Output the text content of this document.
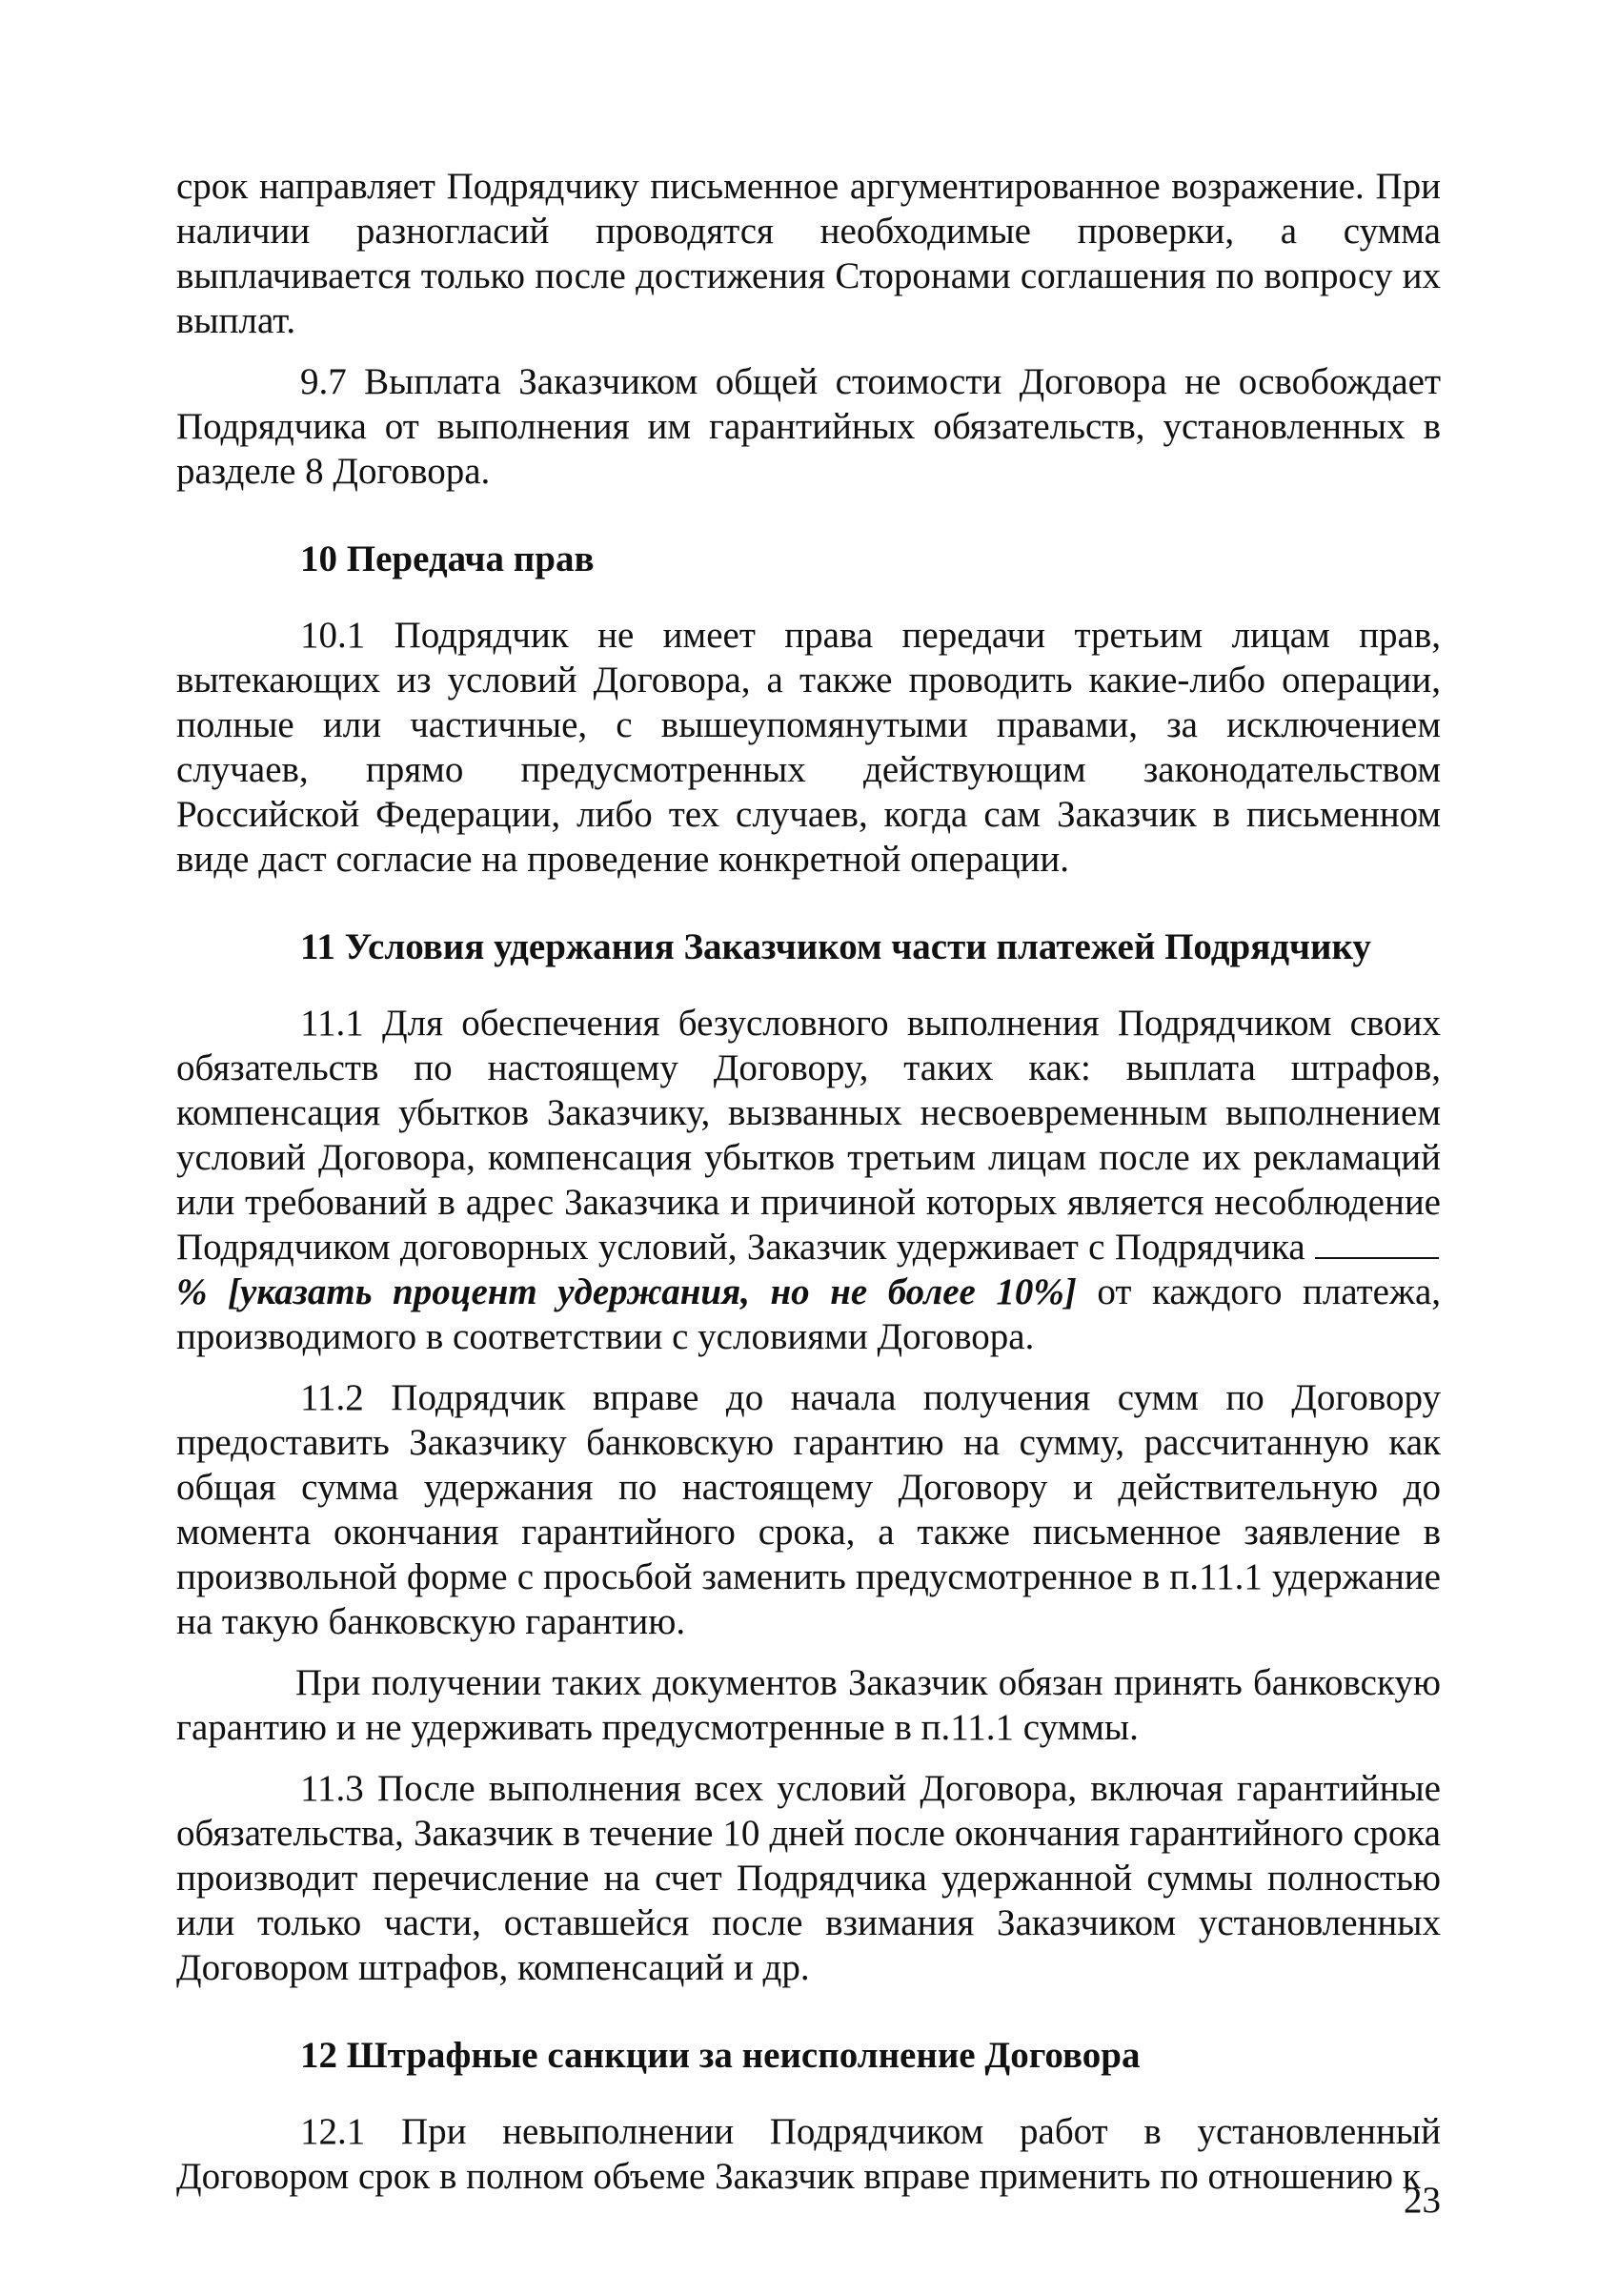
срок направляет Подрядчику письменное аргументированное возражение. При наличии разногласий проводятся необходимые проверки, а сумма выплачивается только после достижения Сторонами соглашения по вопросу их выплат.

9.7 Выплата Заказчиком общей стоимости Договора не освобождает Подрядчика от выполнения им гарантийных обязательств, установленных в разделе 8 Договора.

10 Передача прав

10.1 Подрядчик не имеет права передачи третьим лицам прав, вытекающих из условий Договора, а также проводить какие-либо операции, полные или частичные, с вышеупомянутыми правами, за исключением случаев, прямо предусмотренных действующим законодательством Российской Федерации, либо тех случаев, когда сам Заказчик в письменном виде даст согласие на проведение конкретной операции.

11 Условия удержания Заказчиком части платежей Подрядчику

11.1 Для обеспечения безусловного выполнения Подрядчиком своих обязательств по настоящему Договору, таких как: выплата штрафов, компенсация убытков Заказчику, вызванных несвоевременным выполнением условий Договора, компенсация убытков третьим лицам после их рекламаций или требований в адрес Заказчика и причиной которых является несоблюдение Подрядчиком договорных условий, Заказчик удерживает с Подрядчика % [указать процент удержания, но не более 10%] от каждого платежа, производимого в соответствии с условиями Договора.

11.2 Подрядчик вправе до начала получения сумм по Договору предоставить Заказчику банковскую гарантию на сумму, рассчитанную как общая сумма удержания по настоящему Договору и действительную до момента окончания гарантийного срока, а также письменное заявление в произвольной форме с просьбой заменить предусмотренное в п.11.1 удержание на такую банковскую гарантию.

При получении таких документов Заказчик обязан принять банковскую гарантию и не удерживать предусмотренные в п.11.1 суммы.

11.3 После выполнения всех условий Договора, включая гарантийные обязательства, Заказчик в течение 10 дней после окончания гарантийного срока производит перечисление на счет Подрядчика удержанной суммы полностью или только части, оставшейся после взимания Заказчиком установленных Договором штрафов, компенсаций и др.

12 Штрафные санкции за неисполнение Договора

12.1 При невыполнении Подрядчиком работ в установленный Договором срок в полном объеме Заказчик вправе применить по отношению к

23
